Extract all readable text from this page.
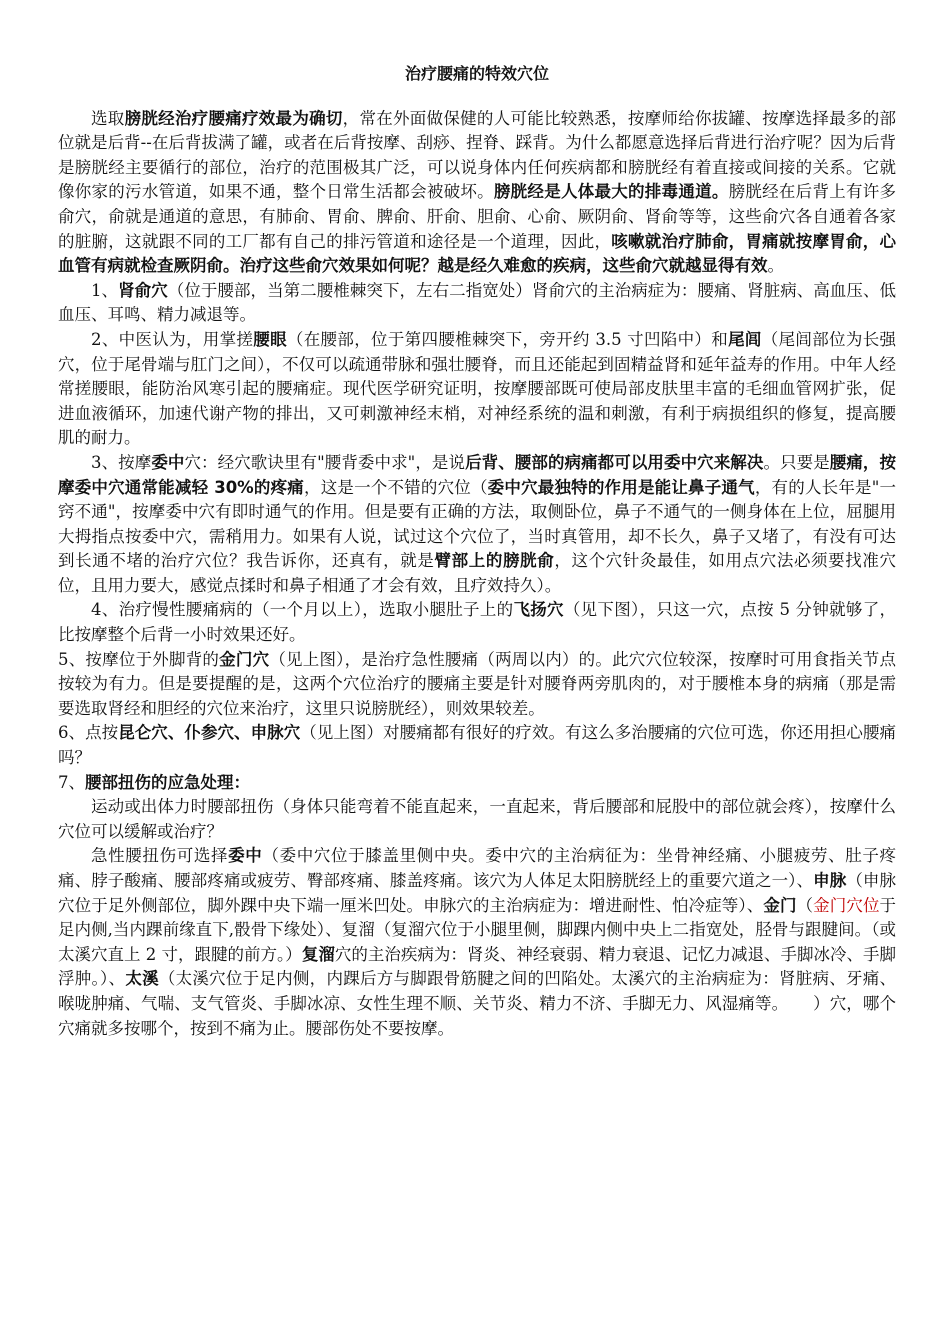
治疗腰痛的特效穴位

选取膀胱经治疗腰痛疗效最为确切，常在外面做保健的人可能比较熟悉，按摩师给你拔罐、按摩选择最多的部位就是后背--在后背拔满了罐，或者在后背按摩、刮痧、捏脊、踩背。为什么都愿意选择后背进行治疗呢？因为后背是膀胱经主要循行的部位，治疗的范围极其广泛，可以说身体内任何疾病都和膀胱经有着直接或间接的关系。它就像你家的污水管道，如果不通，整个日常生活都会被破坏。膀胱经是人体最大的排毒通道。膀胱经在后背上有许多俞穴，俞就是通道的意思，有肺俞、胃俞、脾俞、肝俞、胆俞、心俞、厥阴俞、肾俞等等，这些俞穴各自通着各家的脏腑，这就跟不同的工厂都有自己的排污管道和途径是一个道理，因此，咳嗽就治疗肺俞，胃痛就按摩胃俞，心血管有病就检查厥阴俞。治疗这些俞穴效果如何呢？越是经久难愈的疾病，这些俞穴就越显得有效。

1、肾俞穴（位于腰部，当第二腰椎棘突下，左右二指宽处）肾俞穴的主治病症为：腰痛、肾脏病、高血压、低血压、耳鸣、精力减退等。

2、中医认为，用掌搓腰眼（在腰部，位于第四腰椎棘突下，旁开约 3.5 寸凹陷中）和尾闾（尾闾部位为长强穴，位于尾骨端与肛门之间），不仅可以疏通带脉和强壮腰脊，而且还能起到固精益肾和延年益寿的作用。中年人经常搓腰眼，能防治风寒引起的腰痛症。现代医学研究证明，按摩腰部既可使局部皮肤里丰富的毛细血管网扩张，促进血液循环，加速代谢产物的排出，又可刺激神经末梢，对神经系统的温和刺激，有利于病损组织的修复，提高腰肌的耐力。

3、按摩委中穴：经穴歌诀里有"腰背委中求"，是说后背、腰部的病痛都可以用委中穴来解决。只要是腰痛，按摩委中穴通常能减轻 30%的疼痛，这是一个不错的穴位（委中穴最独特的作用是能让鼻子通气，有的人长年是"一窍不通"，按摩委中穴有即时通气的作用。但是要有正确的方法，取侧卧位，鼻子不通气的一侧身体在上位，屈腿用大拇指点按委中穴，需稍用力。如果有人说，试过这个穴位了，当时真管用，却不长久，鼻子又堵了，有没有可达到长通不堵的治疗穴位？我告诉你，还真有，就是臂部上的膀胱俞，这个穴针灸最佳，如用点穴法必须要找准穴位，且用力要大，感觉点揉时和鼻子相通了才会有效，且疗效持久）。

4、治疗慢性腰痛病的（一个月以上），选取小腿肚子上的飞扬穴（见下图），只这一穴，点按 5 分钟就够了，比按摩整个后背一小时效果还好。

5、按摩位于外脚背的金门穴（见上图），是治疗急性腰痛（两周以内）的。此穴穴位较深，按摩时可用食指关节点按较为有力。但是要提醒的是，这两个穴位治疗的腰痛主要是针对腰脊两旁肌肉的，对于腰椎本身的病痛（那是需要选取肾经和胆经的穴位来治疗，这里只说膀胱经），则效果较差。

6、点按昆仑穴、仆参穴、申脉穴（见上图）对腰痛都有很好的疗效。有这么多治腰痛的穴位可选，你还用担心腰痛吗？

7、腰部扭伤的应急处理：

运动或出体力时腰部扭伤（身体只能弯着不能直起来，一直起来，背后腰部和屁股中的部位就会疼），按摩什么穴位可以缓解或治疗？

急性腰扭伤可选择委中（委中穴位于膝盖里侧中央。委中穴的主治病征为：坐骨神经痛、小腿疲劳、肚子疼痛、脖子酸痛、腰部疼痛或疲劳、臀部疼痛、膝盖疼痛。该穴为人体足太阳膀胱经上的重要穴道之一）、申脉（申脉穴位于足外侧部位，脚外踝中央下端一厘米凹处。申脉穴的主治病症为：增进耐性、怕冷症等）、金门（金门穴位于足内侧,当内踝前缘直下,骰骨下缘处）、复溜（复溜穴位于小腿里侧，脚踝内侧中央上二指宽处，胫骨与跟腱间。（或太溪穴直上 2 寸，跟腱的前方。）复溜穴的主治疾病为：肾炎、神经衰弱、精力衰退、记忆力减退、手脚冰冷、手脚浮肿。）、太溪（太溪穴位于足内侧，内踝后方与脚跟骨筋腱之间的凹陷处。太溪穴的主治病症为：肾脏病、牙痛、喉咙肿痛、气喘、支气管炎、手脚冰凉、女性生理不顺、关节炎、精力不济、手脚无力、风湿痛等。　　）穴，哪个穴痛就多按哪个，按到不痛为止。腰部伤处不要按摩。
